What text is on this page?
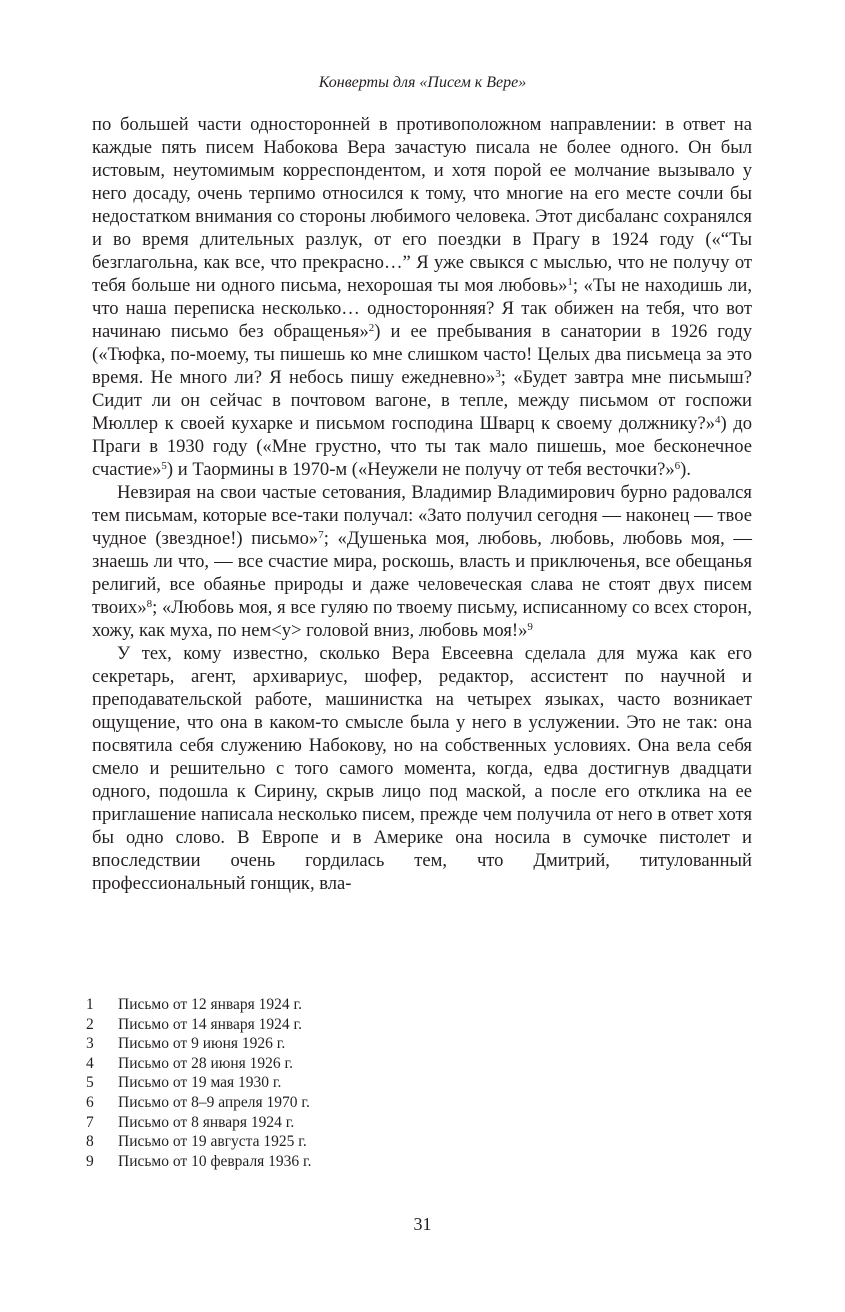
Конверты для «Писем к Вере»

по большей части односторонней в противоположном направлении: в ответ на каждые пять писем Набокова Вера зачастую писала не более одного. Он был истовым, неутомимым корреспондентом, и хотя порой ее молчание вызывало у него досаду, очень терпимо относился к тому, что многие на его месте сочли бы недостатком внимания со стороны любимого человека. Этот дисбаланс сохранялся и во время длительных разлук, от его поездки в Прагу в 1924 году («“Ты безглагольна, как все, что прекрасно…” Я уже свыкся с мыслью, что не получу от тебя больше ни одного письма, нехорошая ты моя любовь»$^1$; «Ты не находишь ли, что наша переписка несколько… односторонняя? Я так обижен на тебя, что вот начинаю письмо без обращенья»$^2$) и ее пребывания в санатории в 1926 году («Тюфка, по-моему, ты пишешь ко мне слишком часто! Целых два письмеца за это время. Не много ли? Я небось пишу ежедневно»$^3$; «Будет завтра мне письмыш? Сидит ли он сейчас в почтовом вагоне, в тепле, между письмом от госпожи Мюллер к своей кухарке и письмом господина Шварц к своему должнику?»$^4$) до Праги в 1930 году («Мне грустно, что ты так мало пишешь, мое бесконечное счастие»$^5$) и Таормины в 1970-м («Неужели не получу от тебя весточки?»$^6$).

Невзирая на свои частые сетования, Владимир Владимирович бурно радовался тем письмам, которые все-таки получал: «Зато получил сегодня — наконец — твое чудное (звездное!) письмо»$^7$; «Душенька моя, любовь, любовь, любовь моя, — знаешь ли что, — все счастие мира, роскошь, власть и приключенья, все обещанья религий, все обаянье природы и даже человеческая слава не стоят двух писем твоих»$^8$; «Любовь моя, я все гуляю по твоему письму, исписанному со всех сторон, хожу, как муха, по нем<у> головой вниз, любовь моя!»$^9$

У тех, кому известно, сколько Вера Евсеевна сделала для мужа как его секретарь, агент, архивариус, шофер, редактор, ассистент по научной и преподавательской работе, машинистка на четырех языках, часто возникает ощущение, что она в каком-то смысле была у него в услужении. Это не так: она посвятила себя служению Набокову, но на собственных условиях. Она вела себя смело и решительно с того самого момента, когда, едва достигнув двадцати одного, подошла к Сирину, скрыв лицо под маской, а после его отклика на ее приглашение написала несколько писем, прежде чем получила от него в ответ хотя бы одно слово. В Европе и в Америке она носила в сумочке пистолет и впоследствии очень гордилась тем, что Дмитрий, титулованный профессиональный гонщик, вла-

1	Письмо от 12 января 1924 г.
2	Письмо от 14 января 1924 г.
3	Письмо от 9 июня 1926 г.
4	Письмо от 28 июня 1926 г.
5	Письмо от 19 мая 1930 г.
6	Письмо от 8–9 апреля 1970 г.
7	Письмо от 8 января 1924 г.
8	Письмо от 19 августа 1925 г.
9	Письмо от 10 февраля 1936 г.
31
